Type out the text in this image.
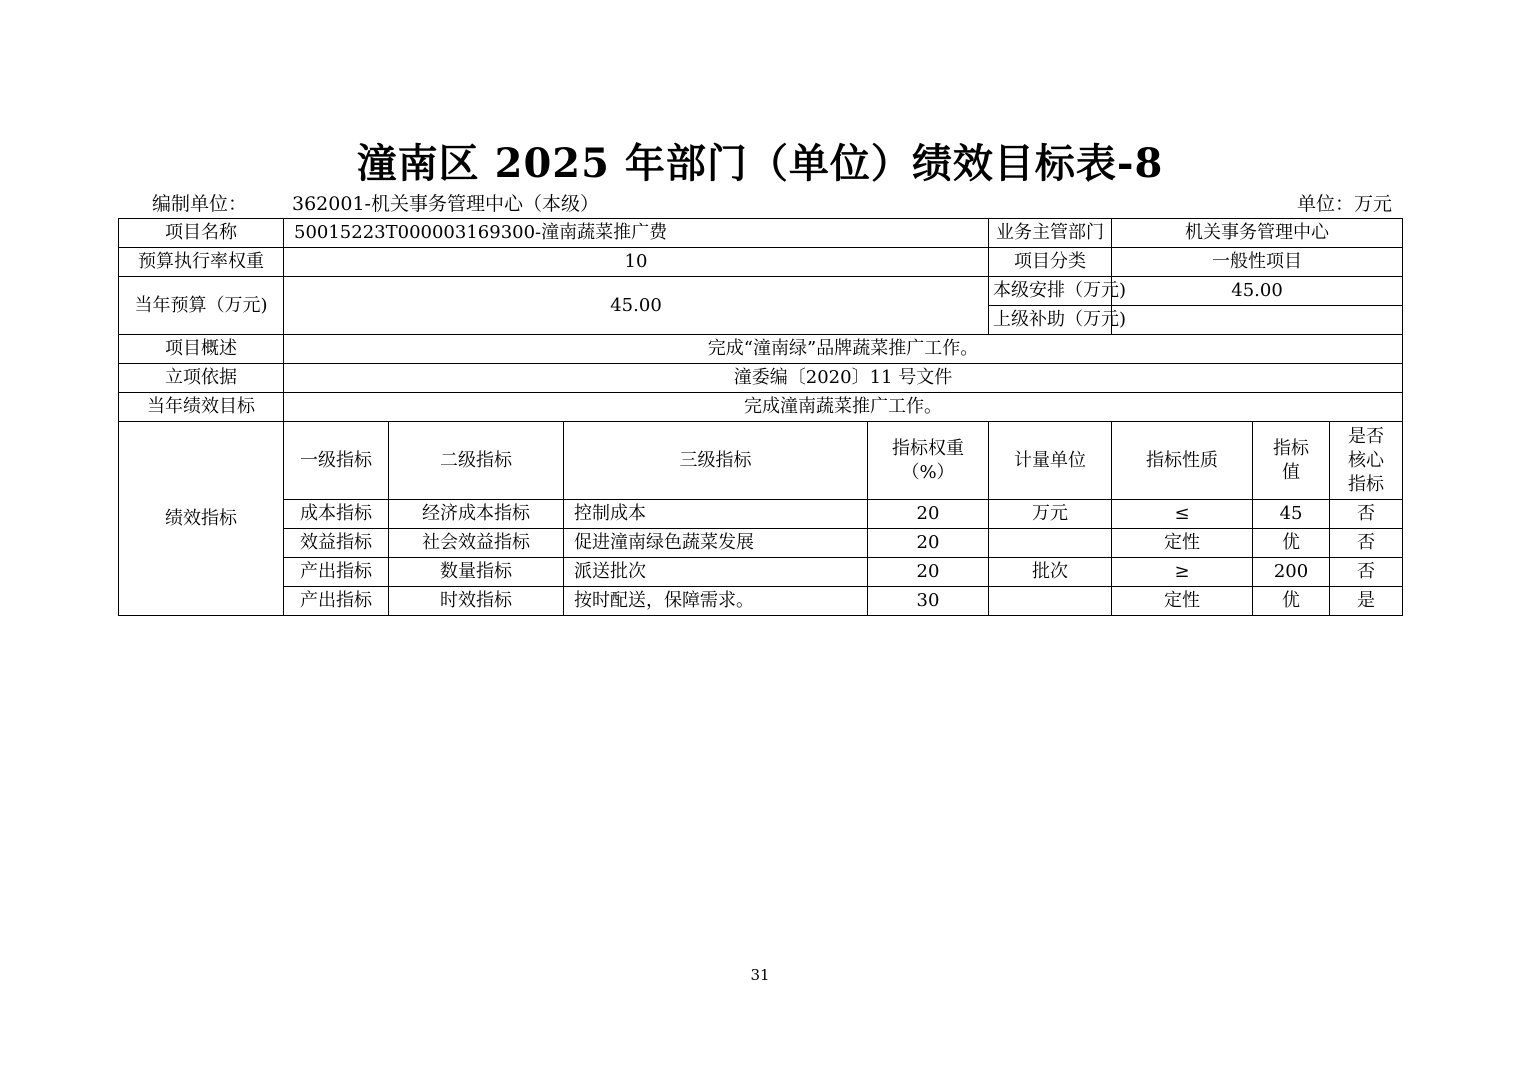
潼南区 2025 年部门（单位）绩效目标表-8
编制单位： 362001-机关事务管理中心（本级）	单位：万元
项目名称	50015223T000003169300-潼南蔬菜推广费				业务主管部门	机关事务管理中心		
预算执行率权重	10				项目分类	一般性项目		
当年预算（万元)	45.00				本级安排（万元)	45.00		
					上级补助（万元)			
项目概述	完成“潼南绿”品牌蔬菜推广工作。							
立项依据	潼委编〔2020〕11 号文件							
当年绩效目标	完成潼南蔬菜推广工作。							
绩效指标	一级指标	二级指标	三级指标	指标权重（%）	计量单位	指标性质	指标值	是否核心指标
	成本指标	经济成本指标	控制成本	20	万元	≤	45	否
	效益指标	社会效益指标	促进潼南绿色蔬菜发展	20		定性	优	否
	产出指标	数量指标	派送批次	20	批次	≥	200	否
	产出指标	时效指标	按时配送，保障需求。	30		定性	优	是
31
